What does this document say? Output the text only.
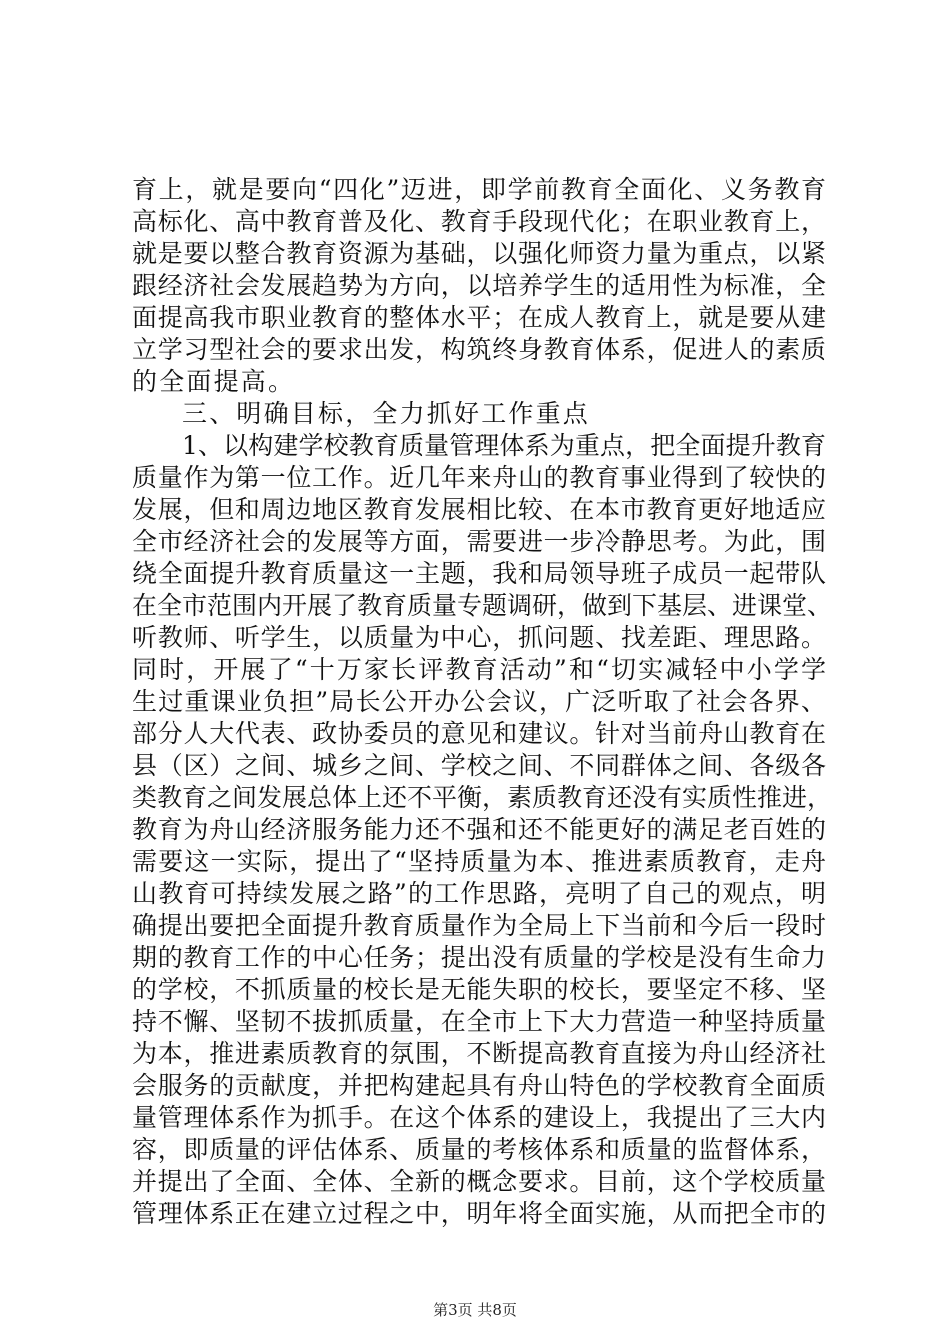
育上，就是要向“四化”迈进，即学前教育全面化、义务教育
高标化、高中教育普及化、教育手段现代化；在职业教育上，
就是要以整合教育资源为基础，以强化师资力量为重点，以紧
跟经济社会发展趋势为方向，以培养学生的适用性为标准，全
面提高我市职业教育的整体水平；在成人教育上，就是要从建
立学习型社会的要求出发，构筑终身教育体系，促进人的素质
的全面提高。
三、明确目标，全力抓好工作重点
1、以构建学校教育质量管理体系为重点，把全面提升教育
质量作为第一位工作。近几年来舟山的教育事业得到了较快的
发展，但和周边地区教育发展相比较、在本市教育更好地适应
全市经济社会的发展等方面，需要进一步冷静思考。为此，围
绕全面提升教育质量这一主题，我和局领导班子成员一起带队
在全市范围内开展了教育质量专题调研，做到下基层、进课堂、
听教师、听学生，以质量为中心，抓问题、找差距、理思路。
同时，开展了“十万家长评教育活动”和“切实减轻中小学学
生过重课业负担”局长公开办公会议，广泛听取了社会各界、
部分人大代表、政协委员的意见和建议。针对当前舟山教育在
县（区）之间、城乡之间、学校之间、不同群体之间、各级各
类教育之间发展总体上还不平衡，素质教育还没有实质性推进，
教育为舟山经济服务能力还不强和还不能更好的满足老百姓的
需要这一实际，提出了“坚持质量为本、推进素质教育，走舟
山教育可持续发展之路”的工作思路，亮明了自己的观点，明
确提出要把全面提升教育质量作为全局上下当前和今后一段时
期的教育工作的中心任务；提出没有质量的学校是没有生命力
的学校，不抓质量的校长是无能失职的校长，要坚定不移、坚
持不懈、坚韧不拔抓质量，在全市上下大力营造一种坚持质量
为本，推进素质教育的氛围，不断提高教育直接为舟山经济社
会服务的贡献度，并把构建起具有舟山特色的学校教育全面质
量管理体系作为抓手。在这个体系的建设上，我提出了三大内
容，即质量的评估体系、质量的考核体系和质量的监督体系，
并提出了全面、全体、全新的概念要求。目前，这个学校质量
管理体系正在建立过程之中，明年将全面实施，从而把全市的
第3页 共8页
